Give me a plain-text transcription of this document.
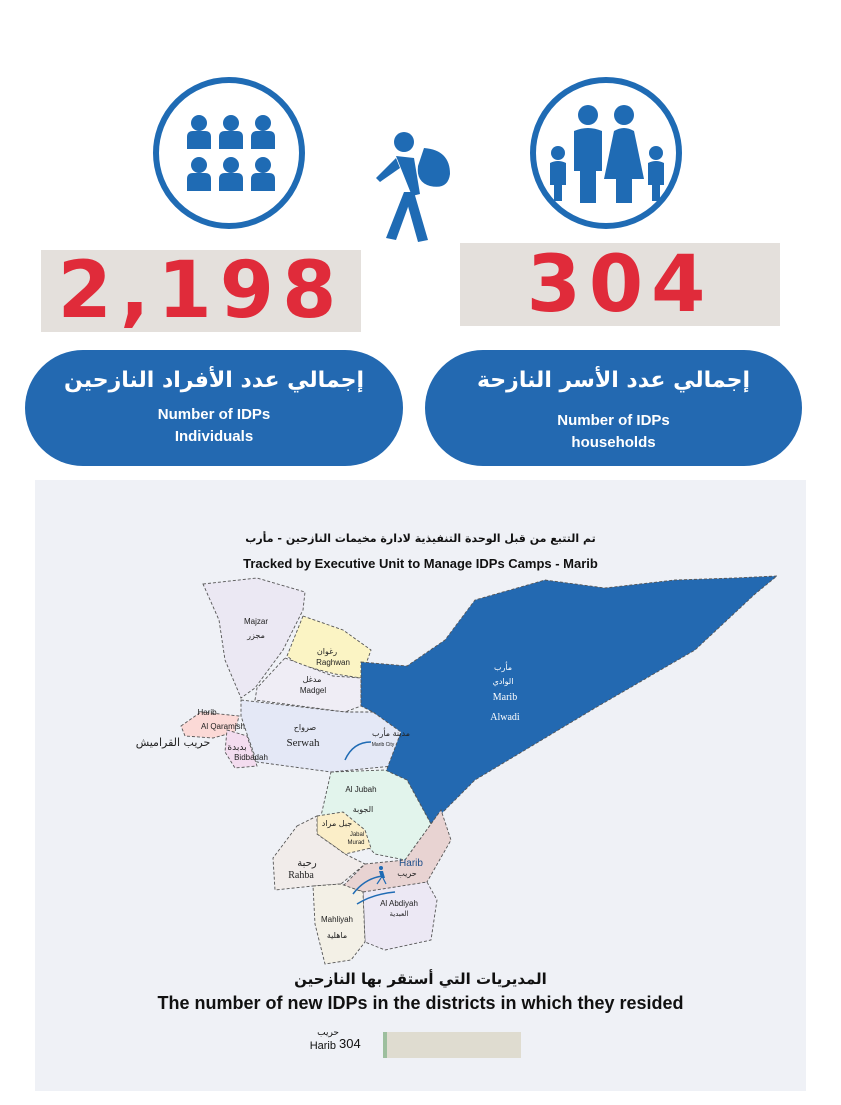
2,198	304
إجمالي عدد الأفراد النازحين
Number of IDPs
Individuals
إجمالي عدد الأسر النازحة
Number of IDPs
households
تم التتبع من قبل الوحدة التنفيذية لادارة مخيمات النازحين - مأرب
Tracked by Executive Unit to Manage IDPs Camps - Marib
Majzar
مجزر
رغوان
Raghwan
مدغل
Madgel
Harib
Al Qaramish
حريب القراميش بدبدة
Bidbadah
صرواح
Serwah
مدينة مأرب
Marib City
مأرب
الوادي
Marib
Alwadi
Al Jubah
الجوبة
جبل مراد
Jabal
Murad
رحبة
Rahba
Harib
حريب
Al Abdiyah
العبدية
Mahliyah
ماهلية
المديريات التي أستقر بها النازحين
The number of new IDPs in the districts in which they resided
حريب
Harib 304
